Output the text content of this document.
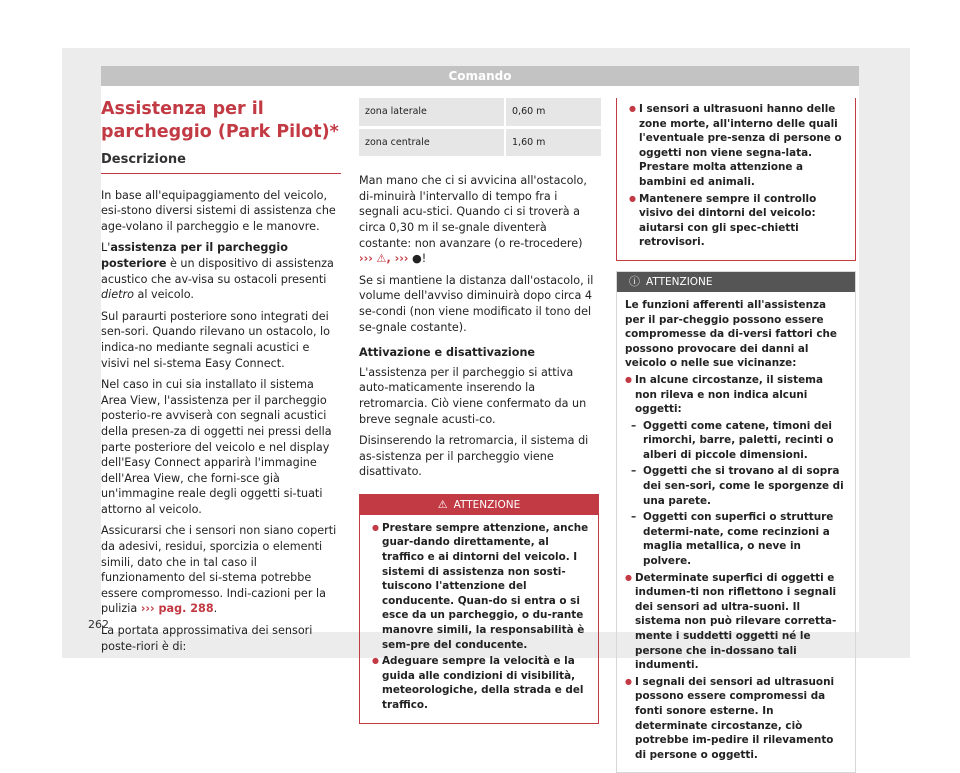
Comando
Assistenza per il parcheggio (Park Pilot)*
Descrizione

In base all'equipaggiamento del veicolo, esi-stono diversi sistemi di assistenza che age-volano il parcheggio e le manovre.

L'assistenza per il parcheggio posteriore è un dispositivo di assistenza acustico che av-visa su ostacoli presenti dietro al veicolo.

Sul paraurti posteriore sono integrati dei sen-sori. Quando rilevano un ostacolo, lo indica-no mediante segnali acustici e visivi nel si-stema Easy Connect.

Nel caso in cui sia installato il sistema Area View, l'assistenza per il parcheggio posterio-re avviserà con segnali acustici della presen-za di oggetti nei pressi della parte posteriore del veicolo e nel display dell'Easy Connect apparirà l'immagine dell'Area View, che forni-sce già un'immagine reale degli oggetti si-tuati attorno al veicolo.

Assicurarsi che i sensori non siano coperti da adesivi, residui, sporcizia o elementi simili, dato che in tal caso il funzionamento del si-stema potrebbe essere compromesso. Indi-cazioni per la pulizia ››› pag. 288.

La portata approssimativa dei sensori poste-riori è di:

zona laterale	0,60 m
zona centrale	1,60 m

Man mano che ci si avvicina all'ostacolo, di-minuirà l'intervallo di tempo fra i segnali acu-stici. Quando ci si troverà a circa 0,30 m il se-gnale diventerà costante: non avanzare (o re-trocedere) ››› ⚠, ››› ●!

Se si mantiene la distanza dall'ostacolo, il volume dell'avviso diminuirà dopo circa 4 se-condi (non viene modificato il tono del se-gnale costante).

Attivazione e disattivazione

L'assistenza per il parcheggio si attiva auto-maticamente inserendo la retromarcia. Ciò viene confermato da un breve segnale acusti-co.

Disinserendo la retromarcia, il sistema di as-sistenza per il parcheggio viene disattivato.

⚠ ATTENZIONE
● Prestare sempre attenzione, anche guar-dando direttamente, al traffico e ai dintorni del veicolo. I sistemi di assistenza non sosti-tuiscono l'attenzione del conducente. Quan-do si entra o si esce da un parcheggio, o du-rante manovre simili, la responsabilità è sem-pre del conducente.
● Adeguare sempre la velocità e la guida alle condizioni di visibilità, meteorologiche, della strada e del traffico.
● I sensori a ultrasuoni hanno delle zone morte, all'interno delle quali l'eventuale pre-senza di persone o oggetti non viene segna-lata. Prestare molta attenzione a bambini ed animali.
● Mantenere sempre il controllo visivo dei dintorni del veicolo: aiutarsi con gli spec-chietti retrovisori.
ⓘ ATTENZIONE
Le funzioni afferenti all'assistenza per il par-cheggio possono essere compromesse da di-versi fattori che possono provocare dei danni al veicolo o nelle sue vicinanze:
● In alcune circostanze, il sistema non rileva e non indica alcuni oggetti:
– Oggetti come catene, timoni dei rimorchi, barre, paletti, recinti o alberi di piccole dimensioni.
– Oggetti che si trovano al di sopra dei sen-sori, come le sporgenze di una parete.
– Oggetti con superfici o strutture determi-nate, come recinzioni a maglia metallica, o neve in polvere.
● Determinate superfici di oggetti e indumen-ti non riflettono i segnali dei sensori ad ultra-suoni. Il sistema non può rilevare corretta-mente i suddetti oggetti né le persone che in-dossano tali indumenti.
● I segnali dei sensori ad ultrasuoni possono essere compromessi da fonti sonore esterne. In determinate circostanze, ciò potrebbe im-pedire il rilevamento di persone o oggetti.
262
